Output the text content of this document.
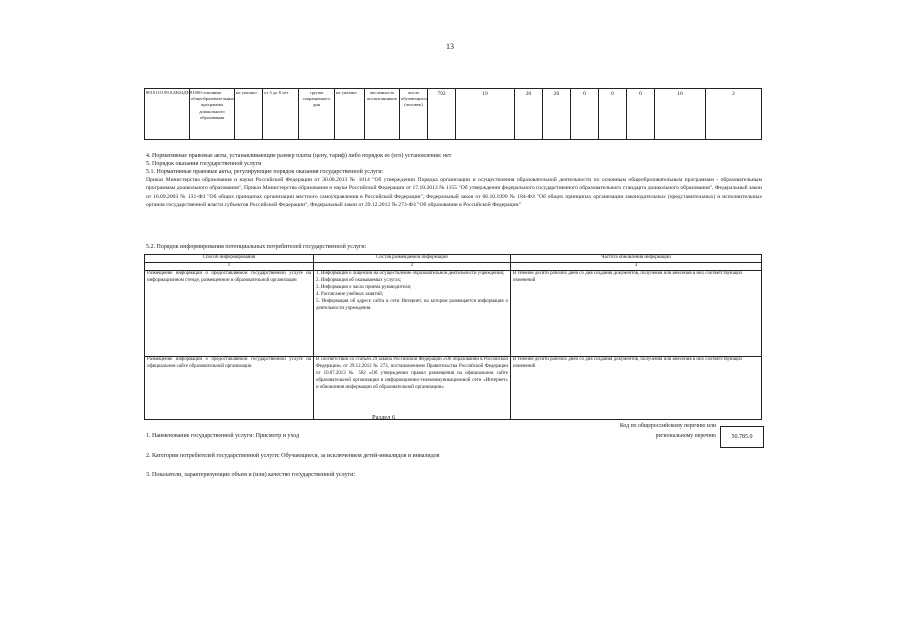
13
801011О.99.0.БВ24ДН81000	основные общеобразовательные программы дошкольного образования	не указано	от 3 до 8 лет	группа сокращенного дня	не указано	численность воспитанников	число обучающихся (человек)	792	19	20	20	0	0	0	10	2
4. Нормативные правовые акты, устанавливающие размер платы (цену, тариф) либо порядок ее (его) установления: нет
5. Порядок оказания государственной услуги
5.1. Нормативные правовые акты, регулирующие порядок оказания государственной услуги:
Приказ Министерства образования и науки Российской Федерации от 30.08.2013 № 1014 "Об утверждении Порядка организации и осуществления образовательной деятельности по основным общеобразовательным программам - образовательным программам дошкольного образования", Приказ Министерства образования и науки Российской Федерации от 17.10.2013 № 1155 "Об утверждении федерального государственного образовательного стандарта дошкольного образования", Федеральный закон от 16.09.2003 № 131-ФЗ "Об общих принципах организации местного самоуправления в Российской Федерации", Федеральный закон от 06.10.1999 № 184-ФЗ "Об общих принципах организации законодательных (представительных) и исполнительных органов государственной власти субъектов Российской Федерации", Федеральный закон от 29.12.2012 № 273-ФЗ "Об образовании в Российской Федерации"
5.2. Порядок информирования потенциальных потребителей государственной услуги:
Способ информирования	Состав размещаемой информации	Частота обновления информации
1	2	3
Размещение информации о предоставляемой государственной услуге на информационном стенде, размещенном в образовательной организации	1. Информация о лицензии на осуществление образовательной деятельности учреждения;
2. Информация об оказываемых услугах;
3. Информация о часах приема руководителя;
4. Расписание учебных занятий;
5. Информация об адресе сайта в сети Интернет, на котором размещается информация о деятельности учреждения.	В течение десяти рабочих дней со дня создания документов, получения или внесения в них соответствующих изменений
Размещение информации о предоставляемой государственной услуге на официальном сайте образовательной организации	В соответствии со статьей 29 закона Российской Федерации «Об образовании в Российской Федерации» от 29.12.2012 № 273, постановлением Правительства Российской Федерации от 10.07.2013 № 582 «Об утверждении правил размещения на официальном сайте образовательной организации в информационно-телекоммуникационной сети «Интернет» и обновления информации об образовательной организации»	В течение десяти рабочих дней со дня создания документов, получения или внесения в них соответствующих изменений
Раздел 6
Код по общероссийскому перечню или региональному перечню	50.785.0
1. Наименование государственной услуги: Присмотр и уход
2. Категории потребителей государственной услуги: Обучающиеся, за исключением детей-инвалидов и инвалидов
3. Показатели, характеризующие объем и (или) качество государственной услуги:
